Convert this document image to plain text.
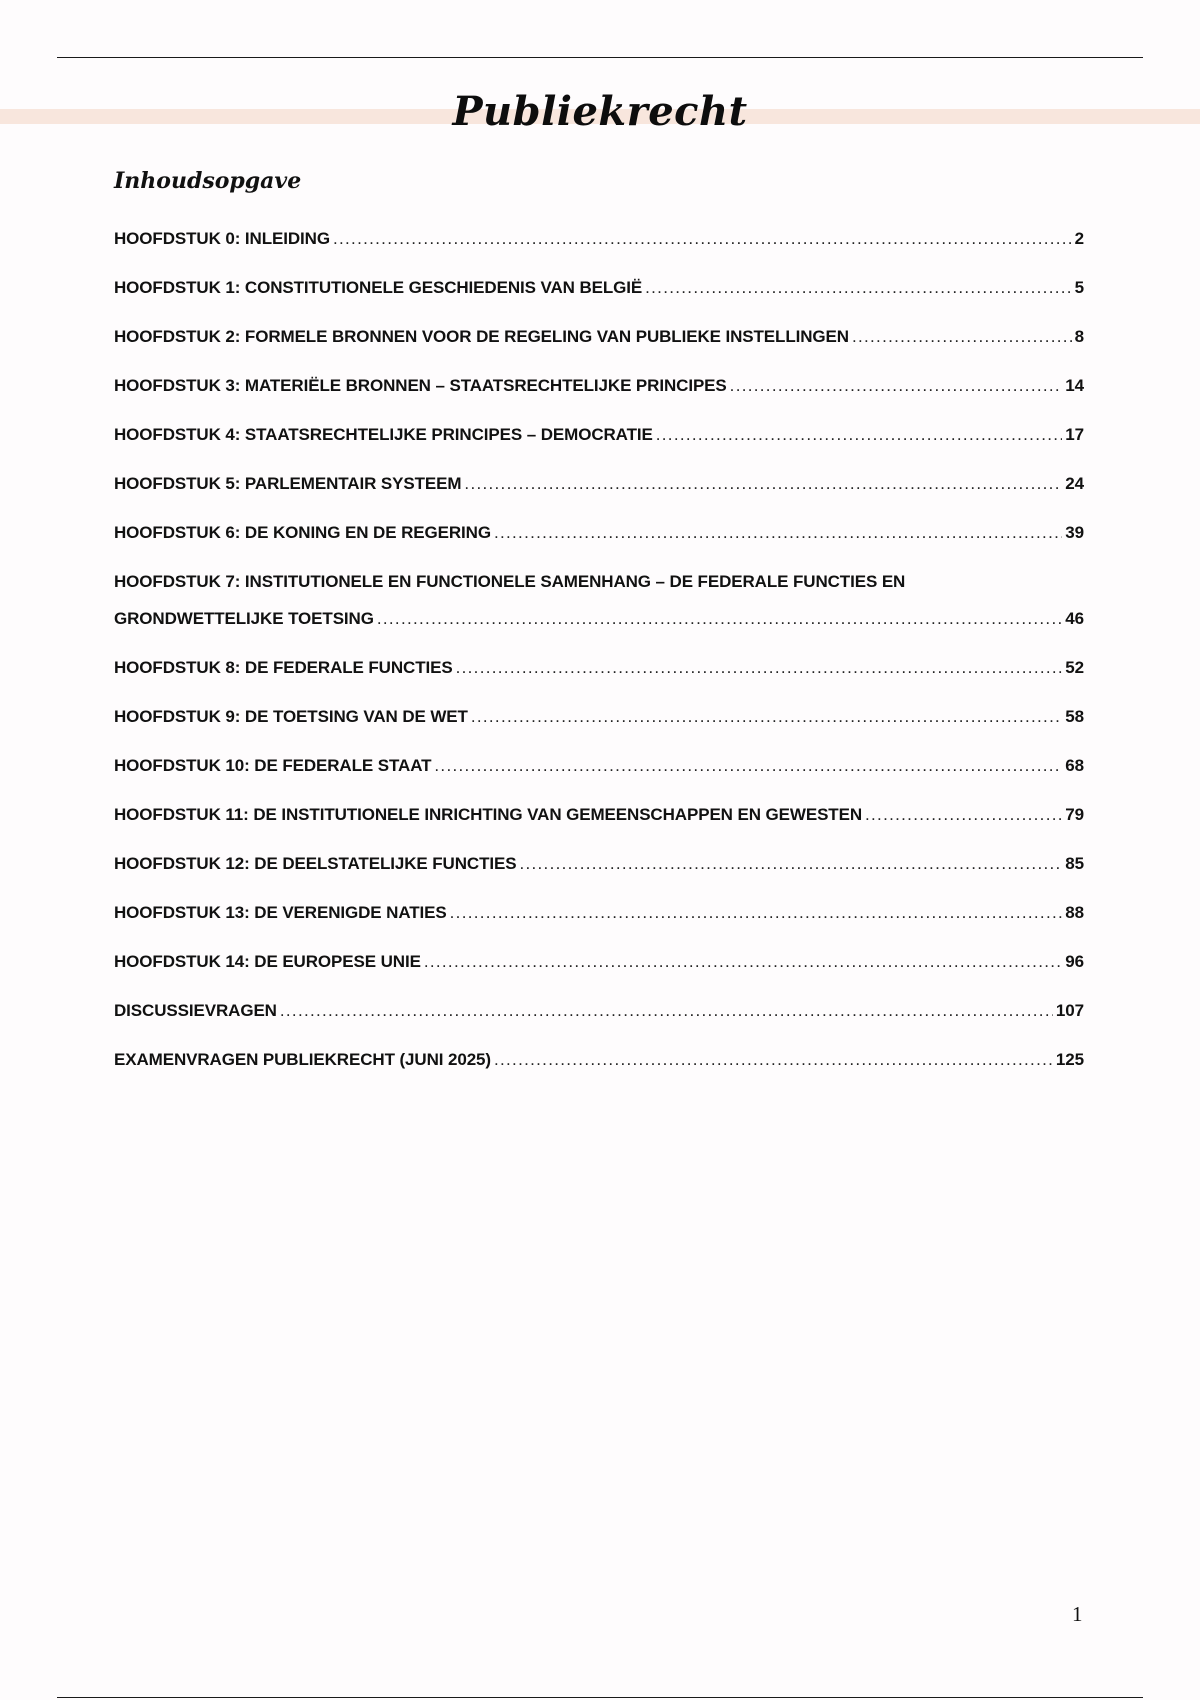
Publiekrecht
Inhoudsopgave
HOOFDSTUK 0: INLEIDING .....	2
HOOFDSTUK 1: CONSTITUTIONELE GESCHIEDENIS VAN BELGIË .....	5
HOOFDSTUK 2: FORMELE BRONNEN VOOR DE REGELING VAN PUBLIEKE INSTELLINGEN .....	8
HOOFDSTUK 3: MATERIËLE BRONNEN – STAATSRECHTELIJKE PRINCIPES .....	14
HOOFDSTUK 4: STAATSRECHTELIJKE PRINCIPES – DEMOCRATIE .....	17
HOOFDSTUK 5: PARLEMENTAIR SYSTEEM .....	24
HOOFDSTUK 6: DE KONING EN DE REGERING .....	39
HOOFDSTUK 7: INSTITUTIONELE EN FUNCTIONELE SAMENHANG – DE FEDERALE FUNCTIES EN
GRONDWETTELIJKE TOETSING .....	46
HOOFDSTUK 8: DE FEDERALE FUNCTIES .....	52
HOOFDSTUK 9: DE TOETSING VAN DE WET .....	58
HOOFDSTUK 10: DE FEDERALE STAAT .....	68
HOOFDSTUK 11: DE INSTITUTIONELE INRICHTING VAN GEMEENSCHAPPEN EN GEWESTEN .....	79
HOOFDSTUK 12: DE DEELSTATELIJKE FUNCTIES .....	85
HOOFDSTUK 13: DE VERENIGDE NATIES .....	88
HOOFDSTUK 14: DE EUROPESE UNIE .....	96
DISCUSSIEVRAGEN .....	107
EXAMENVRAGEN PUBLIEKRECHT (JUNI 2025) .....	125
1
